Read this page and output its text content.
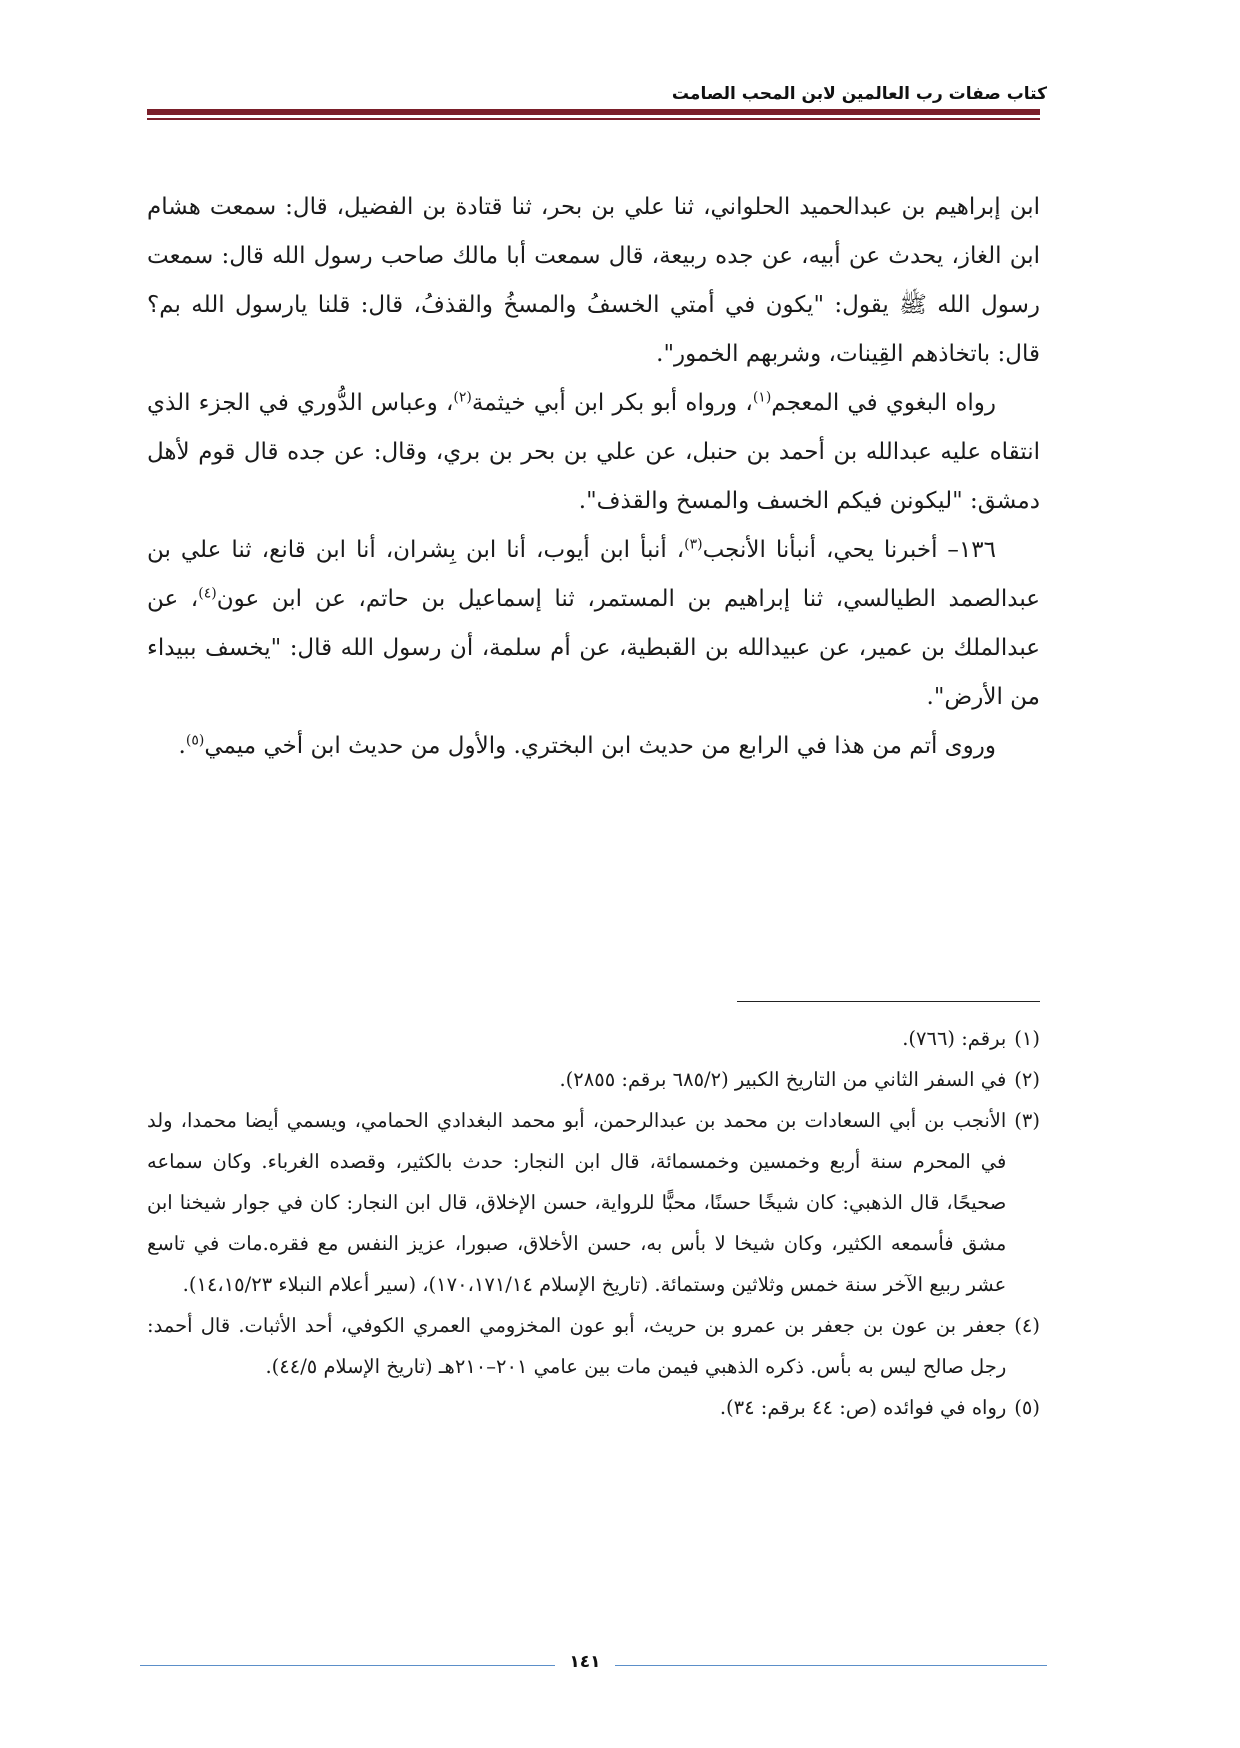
كتاب صفات رب العالمين لابن المحب الصامت

ابن إبراهيم بن عبدالحميد الحلواني، ثنا علي بن بحر، ثنا قتادة بن الفضيل، قال: سمعت هشام ابن الغاز، يحدث عن أبيه، عن جده ربيعة، قال سمعت أبا مالك صاحب رسول الله قال: سمعت رسول الله ﷺ يقول: "يكون في أمتي الخسفُ والمسخُ والقذفُ، قال: قلنا يارسول الله بم؟ قال: باتخاذهم القِينات، وشربهم الخمور".

رواه البغوي في المعجم$^{(١)}$، ورواه أبو بكر ابن أبي خيثمة$^{(٢)}$، وعباس الدُّوري في الجزء الذي انتقاه عليه عبدالله بن أحمد بن حنبل، عن علي بن بحر بن بري، وقال: عن جده قال قوم لأهل دمشق: "ليكونن فيكم الخسف والمسخ والقذف".

١٣٦– أخبرنا يحي، أنبأنا الأنجب$^{(٣)}$، أنبأ ابن أيوب، أنا ابن بِشران، أنا ابن قانع، ثنا علي بن عبدالصمد الطيالسي، ثنا إبراهيم بن المستمر، ثنا إسماعيل بن حاتم، عن ابن عون$^{(٤)}$، عن عبدالملك بن عمير، عن عبيدالله بن القبطية، عن أم سلمة، أن رسول الله قال: "يخسف ببيداء من الأرض".

وروى أتم من هذا في الرابع من حديث ابن البختري. والأول من حديث ابن أخي ميمي$^{(٥)}$.

(١)
برقم: (٧٦٦).
(٢)
في السفر الثاني من التاريخ الكبير (٦٨٥/٢ برقم: ٢٨٥٥).
(٣)
الأنجب بن أبي السعادات بن محمد بن عبدالرحمن، أبو محمد البغدادي الحمامي، ويسمي أيضا محمدا، ولد في المحرم سنة أربع وخمسين وخمسمائة، قال ابن النجار: حدث بالكثير، وقصده الغرباء. وكان سماعه صحيحًا، قال الذهبي: كان شيخًا حسنًا، محبًّا للرواية، حسن الإخلاق، قال ابن النجار: كان في جوار شيخنا ابن مشق فأسمعه الكثير، وكان شيخا لا بأس به، حسن الأخلاق، صبورا، عزيز النفس مع فقره.مات في تاسع عشر ربيع الآخر سنة خمس وثلاثين وستمائة. (تاريخ الإسلام ١٧٠،١٧١/١٤)، (سير أعلام النبلاء ١٤،١٥/٢٣).
(٤)
جعفر بن عون بن جعفر بن عمرو بن حريث، أبو عون المخزومي العمري الكوفي، أحد الأثبات. قال أحمد: رجل صالح ليس به بأس. ذكره الذهبي فيمن مات بين عامي ٢٠١–٢١٠هـ (تاريخ الإسلام ٤٤/٥).
(٥)
رواه في فوائده (ص: ٤٤ برقم: ٣٤).
١٤١
